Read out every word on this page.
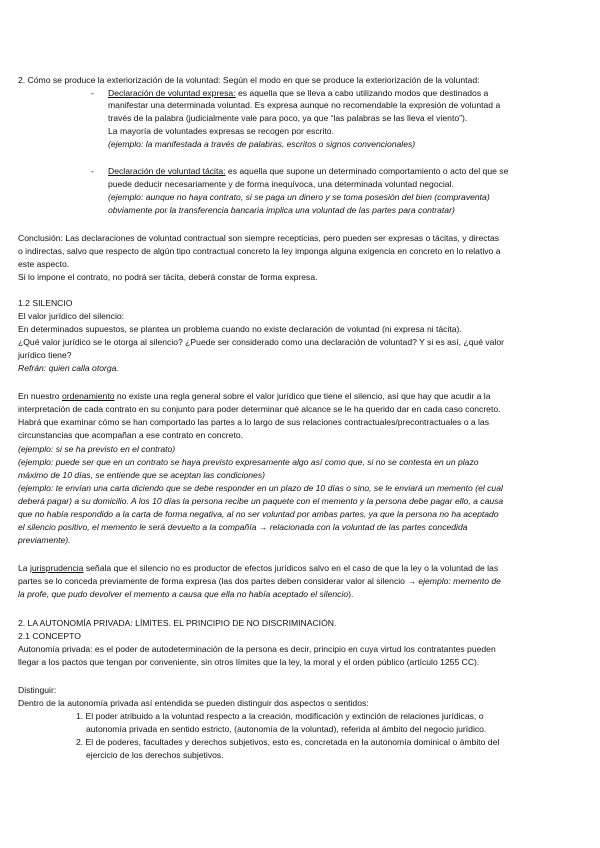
2. Cómo se produce la exteriorización de la voluntad: Según el modo en que se produce la exteriorización de la voluntad:
- Declaración de voluntad expresa: es aquella que se lleva a cabo utilizando modos que destinados a
manifestar una determinada voluntad. Es expresa aunque no recomendable la expresión de voluntad a
través de la palabra (judicialmente vale para poco, ya que “las palabras se las lleva el viento”).
La mayoría de voluntades expresas se recogen por escrito.
(ejemplo: la manifestada a través de palabras, escritos o signos convencionales)
- Declaración de voluntad tácita: es aquella que supone un determinado comportamiento o acto del que se
puede deducir necesariamente y de forma inequívoca, una determinada voluntad negocial.
(ejemplo: aunque no haya contrato, si se paga un dinero y se toma posesión del bien (compraventa)
obviamente por la transferencia bancaria implica una voluntad de las partes para contratar)
Conclusión: Las declaraciones de voluntad contractual son siempre recepticias, pero pueden ser expresas o tácitas, y directas
o indirectas, salvo que respecto de algún tipo contractual concreto la ley imponga alguna exigencia en concreto en lo relativo a
este aspecto.
Si lo impone el contrato, no podrá ser tácita, deberá constar de forma expresa.
1.2 SILENCIO
El valor jurídico del silencio:
En determinados supuestos, se plantea un problema cuando no existe declaración de voluntad (ni expresa ni tácita).
¿Qué valor jurídico se le otorga al silencio? ¿Puede ser considerado como una declaración de voluntad? Y si es así, ¿qué valor
jurídico tiene?
Refrán: quien calla otorga.
En nuestro ordenamiento no existe una regla general sobre el valor jurídico que tiene el silencio, así que hay que acudir a la
interpretación de cada contrato en su conjunto para poder determinar qué alcance se le ha querido dar en cada caso concreto.
Habrá que examinar cómo se han comportado las partes a lo largo de sus relaciones contractuales/precontractuales o a las
circunstancias que acompañan a ese contrato en concreto.
(ejemplo: si se ha previsto en el contrato)
(ejemplo: puede ser que en un contrato se haya previsto expresamente algo así como que, si no se contesta en un plazo
máximo de 10 días, se entiende que se aceptan las condiciones)
(ejemplo: te envían una carta diciendo que se debe responder en un plazo de 10 días o sino, se le enviará un memento (el cual
deberá pagar) a su domicilio. A los 10 días la persona recibe un paquete con el memento y la persona debe pagar ello, a causa
que no había respondido a la carta de forma negativa, al no ser voluntad por ambas partes, ya que la persona no ha aceptado
el silencio positivo, el memento le será devuelto a la compañía → relacionada con la voluntad de las partes concedida
previamente).
La jurisprudencia señala que el silencio no es productor de efectos jurídicos salvo en el caso de que la ley o la voluntad de las
partes se lo conceda previamente de forma expresa (las dos partes deben considerar valor al silencio → ejemplo: memento de
la profe, que pudo devolver el memento a causa que ella no había aceptado el silencio).
2. LA AUTONOMÍA PRIVADA: LÍMITES. EL PRINCIPIO DE NO DISCRIMINACIÓN.
2.1 CONCEPTO
Autonomía privada: es el poder de autodeterminación de la persona es decir, principio en cuya virtud los contratantes pueden
llegar a los pactos que tengan por conveniente, sin otros límites que la ley, la moral y el orden público (artículo 1255 CC).
Distinguir:
Dentro de la autonomía privada así entendida se pueden distinguir dos aspectos o sentidos:
1. El poder atribuido a la voluntad respecto a la creación, modificación y extinción de relaciones jurídicas, o
autonomía privada en sentido estricto, (autonomía de la voluntad), referida al ámbito del negocio jurídico.
2. El de poderes, facultades y derechos subjetivos, esto es, concretada en la autonomía dominical o ámbito del
ejercicio de los derechos subjetivos.
